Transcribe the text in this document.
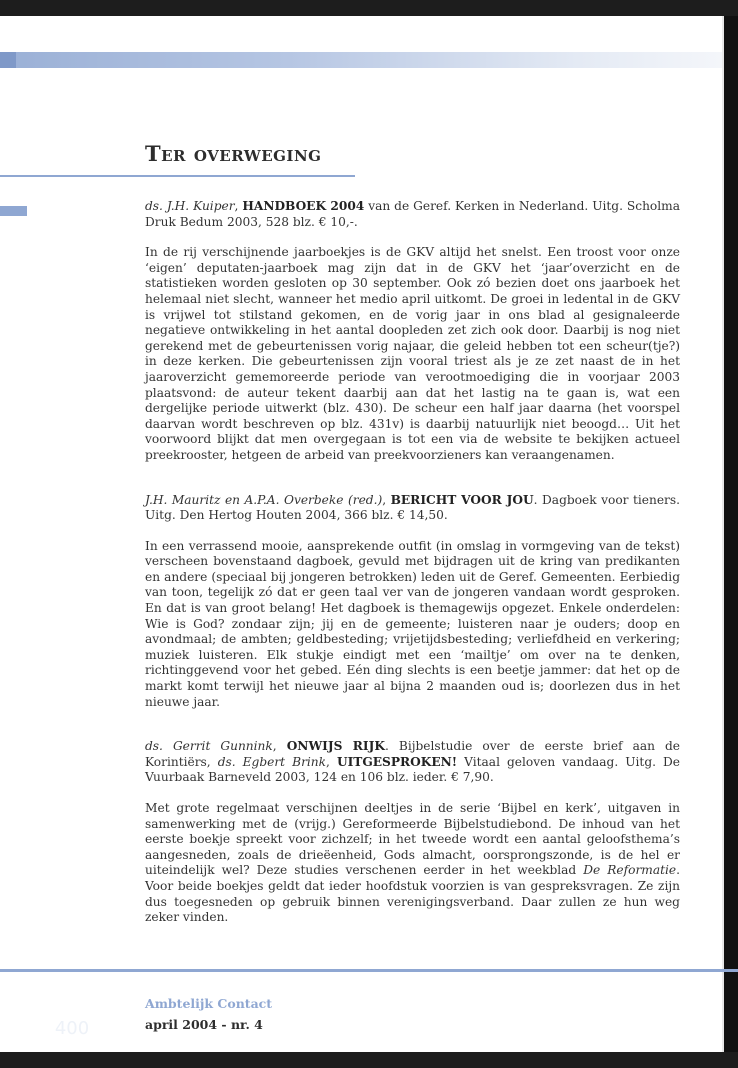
Ter overweging

ds. J.H. Kuiper, HANDBOEK 2004 van de Geref. Kerken in Nederland. Uitg. Scholma Druk Bedum 2003, 528 blz. € 10,-.

In de rij verschijnende jaarboekjes is de GKV altijd het snelst. Een troost voor onze ‘eigen’ deputaten-jaarboek mag zijn dat in de GKV het ‘jaar’overzicht en de statistieken worden gesloten op 30 september. Ook zó bezien doet ons jaarboek het helemaal niet slecht, wanneer het medio april uitkomt. De groei in ledental in de GKV is vrijwel tot stilstand gekomen, en de vorig jaar in ons blad al gesignaleerde negatieve ontwikkeling in het aantal doopleden zet zich ook door. Daarbij is nog niet gerekend met de gebeurtenissen vorig najaar, die geleid hebben tot een scheur(tje?) in deze kerken. Die gebeurtenissen zijn vooral triest als je ze zet naast de in het jaaroverzicht gememoreerde periode van verootmoediging die in voorjaar 2003 plaatsvond: de auteur tekent daarbij aan dat het lastig na te gaan is, wat een dergelijke periode uitwerkt (blz. 430). De scheur een half jaar daarna (het voorspel daarvan wordt beschreven op blz. 431v) is daarbij natuurlijk niet beoogd… Uit het voorwoord blijkt dat men overgegaan is tot een via de website te bekijken actueel preekrooster, hetgeen de arbeid van preekvoorzieners kan veraangenamen.

J.H. Mauritz en A.P.A. Overbeke (red.), BERICHT VOOR JOU. Dagboek voor tieners. Uitg. Den Hertog Houten 2004, 366 blz. € 14,50.

In een verrassend mooie, aansprekende outfit (in omslag in vormgeving van de tekst) verscheen bovenstaand dagboek, gevuld met bijdragen uit de kring van predikanten en andere (speciaal bij jongeren betrokken) leden uit de Geref. Gemeenten. Eerbiedig van toon, tegelijk zó dat er geen taal ver van de jongeren vandaan wordt gesproken. En dat is van groot belang! Het dagboek is themagewijs opgezet. Enkele onderdelen: Wie is God? zondaar zijn; jij en de gemeente; luisteren naar je ouders; doop en avondmaal; de ambten; geldbesteding; vrijetijdsbesteding; verliefdheid en verkering; muziek luisteren. Elk stukje eindigt met een ‘mailtje’ om over na te denken, richtinggevend voor het gebed. Eén ding slechts is een beetje jammer: dat het op de markt komt terwijl het nieuwe jaar al bijna 2 maanden oud is; doorlezen dus in het nieuwe jaar.

ds. Gerrit Gunnink, ONWIJS RIJK. Bijbelstudie over de eerste brief aan de Korintiërs, ds. Egbert Brink, UITGESPROKEN! Vitaal geloven vandaag. Uitg. De Vuurbaak Barneveld 2003, 124 en 106 blz. ieder. € 7,90.

Met grote regelmaat verschijnen deeltjes in de serie ‘Bijbel en kerk’, uitgaven in samenwerking met de (vrijg.) Gereformeerde Bijbelstudiebond. De inhoud van het eerste boekje spreekt voor zichzelf; in het tweede wordt een aantal geloofsthema’s aangesneden, zoals de drieëenheid, Gods almacht, oorsprongszonde, is de hel er uiteindelijk wel? Deze studies verschenen eerder in het weekblad De Reformatie. Voor beide boekjes geldt dat ieder hoofdstuk voorzien is van gespreksvragen. Ze zijn dus toegesneden op gebruik binnen verenigingsverband. Daar zullen ze hun weg zeker vinden.

400
Ambtelijk Contact
april 2004 - nr. 4
